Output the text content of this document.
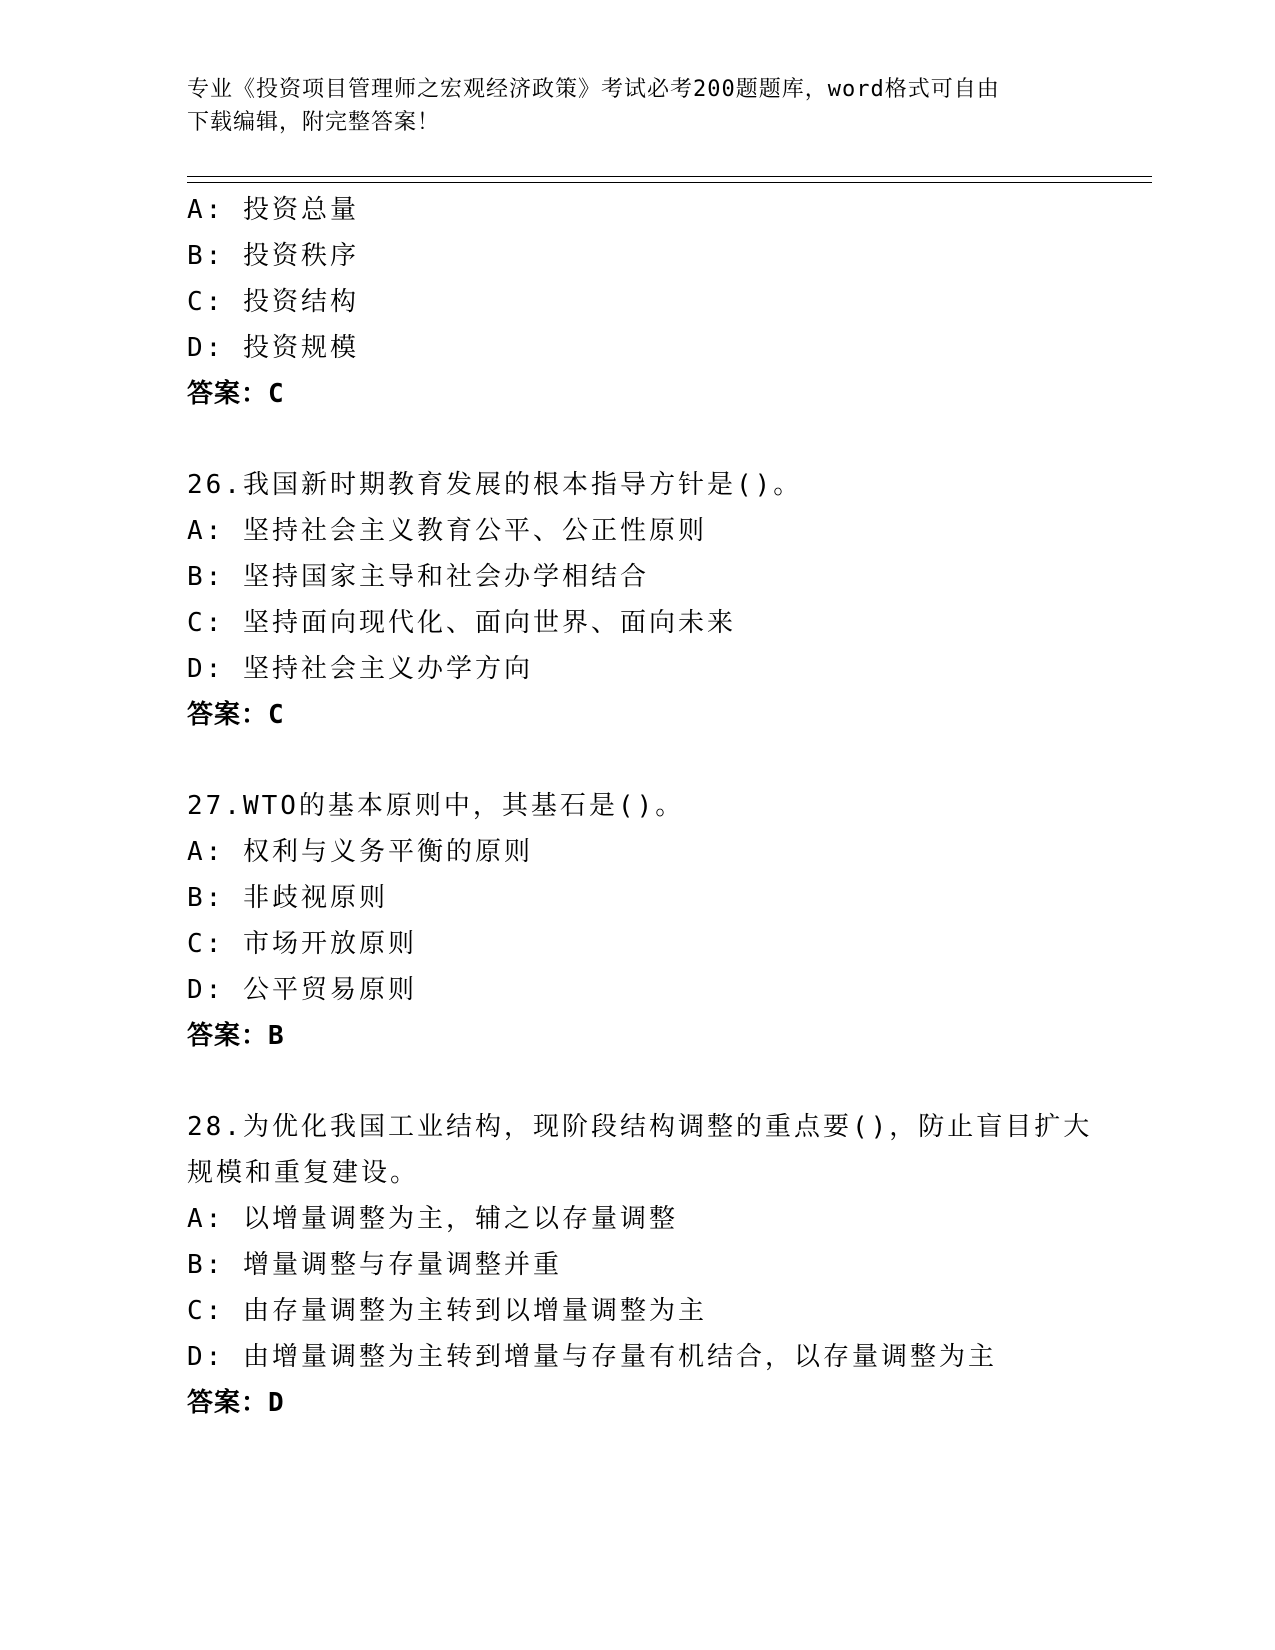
专业《投资项目管理师之宏观经济政策》考试必考200题题库，word格式可自由
下载编辑，附完整答案！
A: 投资总量
B: 投资秩序
C: 投资结构
D: 投资规模
答案：C
26.我国新时期教育发展的根本指导方针是()。
A: 坚持社会主义教育公平、公正性原则
B: 坚持国家主导和社会办学相结合
C: 坚持面向现代化、面向世界、面向未来
D: 坚持社会主义办学方向
答案：C
27.WTO的基本原则中，其基石是()。
A: 权利与义务平衡的原则
B: 非歧视原则
C: 市场开放原则
D: 公平贸易原则
答案：B
28.为优化我国工业结构，现阶段结构调整的重点要()，防止盲目扩大
规模和重复建设。
A: 以增量调整为主，辅之以存量调整
B: 增量调整与存量调整并重
C: 由存量调整为主转到以增量调整为主
D: 由增量调整为主转到增量与存量有机结合，以存量调整为主
答案：D
